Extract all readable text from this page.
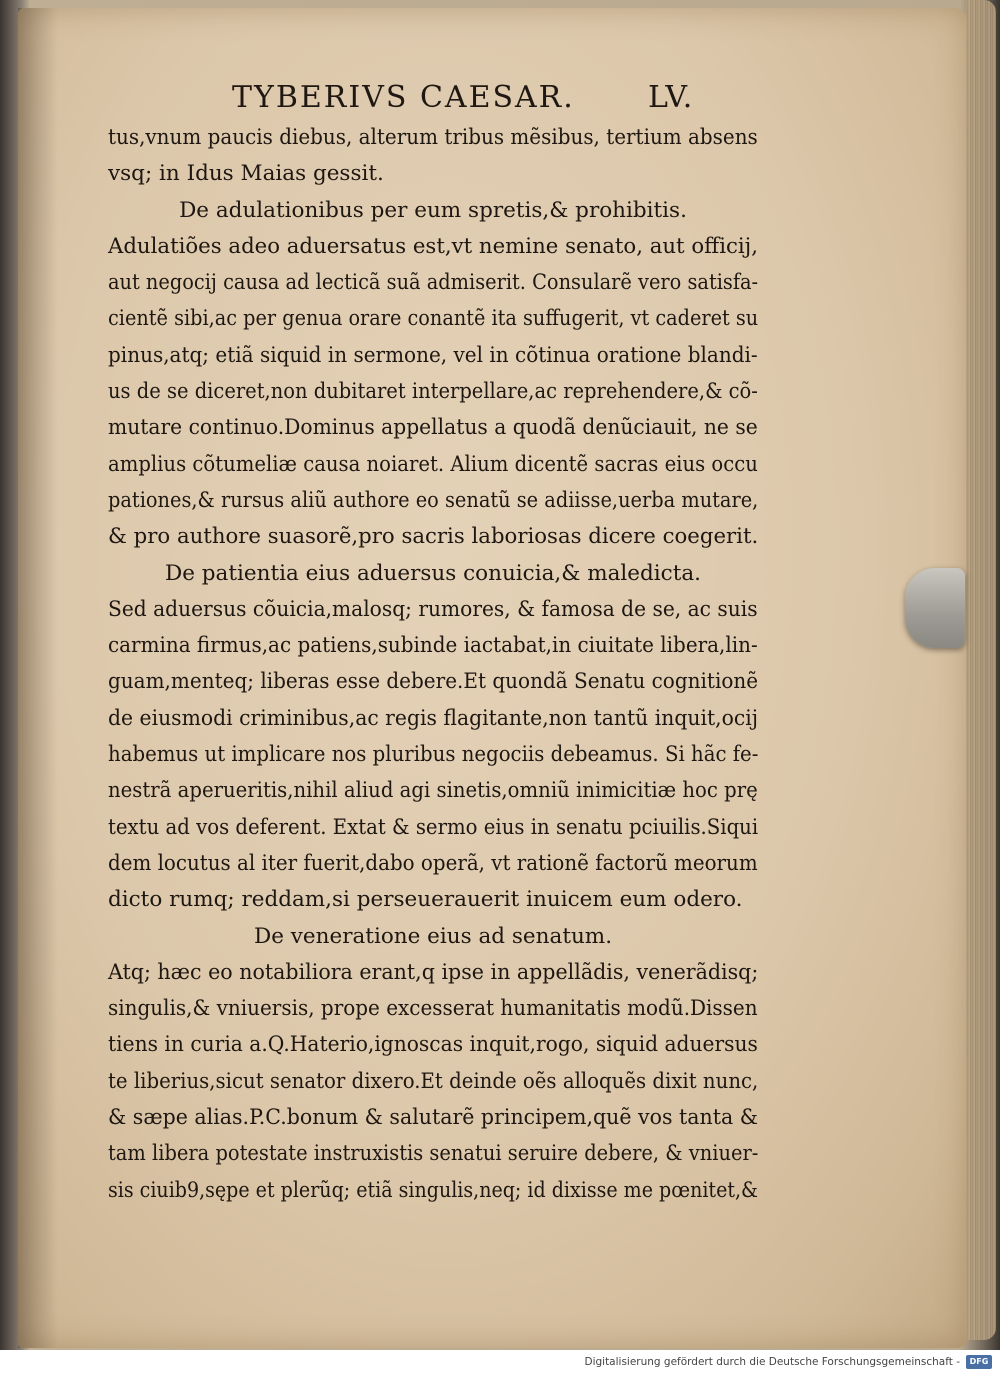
TYBERIVS CAESAR. LV.
tus,vnum paucis diebus, alterum tribus mẽsibus, tertium absens
vsq; in Idus Maias gessit.
De adulationibus per eum spretis,& prohibitis.
Adulatiões adeo aduersatus est,vt nemine senato, aut officij,
aut negocij causa ad lecticã suã admiserit. Consularẽ vero satisfa-
cientẽ sibi,ac per genua orare conantẽ ita suffugerit, vt caderet su
pinus,atq; etiã siquid in sermone, vel in cõtinua oratione blandi-
us de se diceret,non dubitaret interpellare,ac reprehendere,& cõ-
mutare continuo.Dominus appellatus a quodã denũciauit, ne se
amplius cõtumeliæ causa noiaret. Alium dicentẽ sacras eius occu
pationes,& rursus aliũ authore eo senatũ se adiisse,uerba mutare,
& pro authore suasorẽ,pro sacris laboriosas dicere coegerit.
De patientia eius aduersus conuicia,& maledicta.
Sed aduersus cõuicia,malosq; rumores, & famosa de se, ac suis
carmina firmus,ac patiens,subinde iactabat,in ciuitate libera,lin-
guam,menteq; liberas esse debere.Et quondã Senatu cognitionẽ
de eiusmodi criminibus,ac regis flagitante,non tantũ inquit,ocij
habemus ut implicare nos pluribus negociis debeamus. Si hãc fe-
nestrã aperueritis,nihil aliud agi sinetis,omniũ inimicitiæ hoc prę
textu ad vos deferent. Extat & sermo eius in senatu pciuilis.Siqui
dem locutus al iter fuerit,dabo operã, vt rationẽ factorũ meorum
dicto rumq; reddam,si perseuerauerit inuicem eum odero.
De veneratione eius ad senatum.
Atq; hæc eo notabiliora erant,q ipse in appellãdis, venerãdisq;
singulis,& vniuersis, prope excesserat humanitatis modũ.Dissen
tiens in curia a.Q.Haterio,ignoscas inquit,rogo, siquid aduersus
te liberius,sicut senator dixero.Et deinde oẽs alloquẽs dixit nunc,
& sæpe alias.P.C.bonum & salutarẽ principem,quẽ vos tanta &
tam libera potestate instruxistis senatui seruire debere, & vniuer-
sis ciuib9,sępe et plerũq; etiã singulis,neq; id dixisse me pœnitet,&
Digitalisierung gefördert durch die Deutsche Forschungsgemeinschaft -	DFG
